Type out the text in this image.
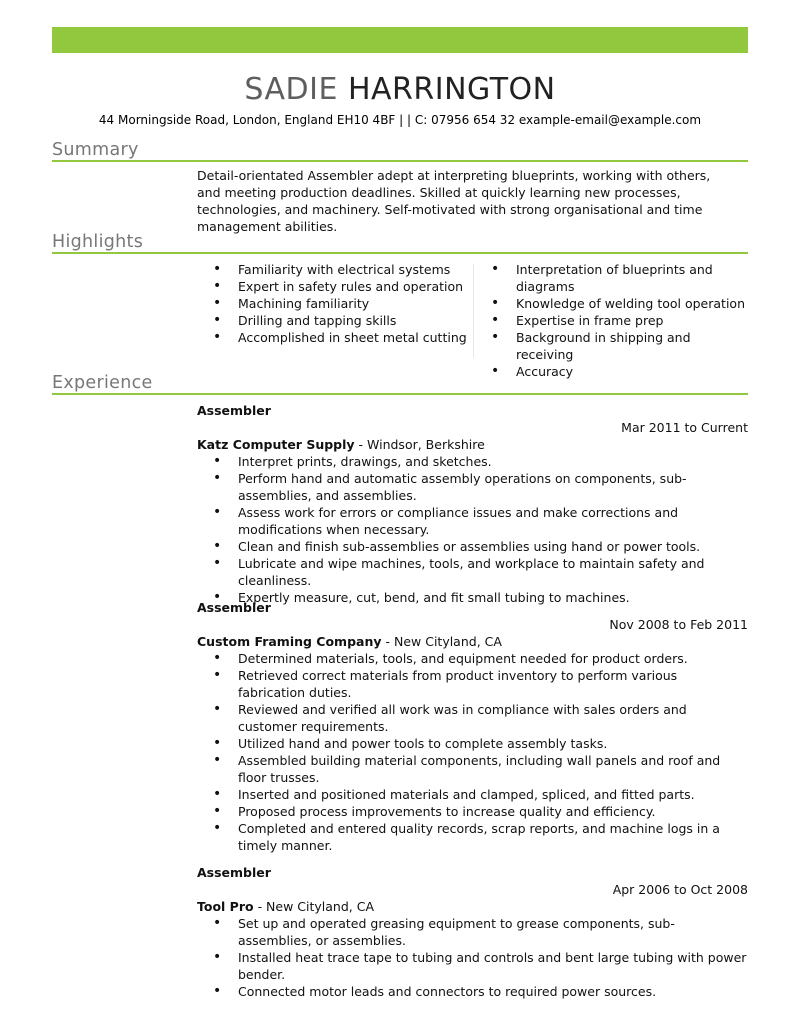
SADIE HARRINGTON
44 Morningside Road, London, England EH10 4BF | | C: 07956 654 32 example-email@example.com
Summary
Detail-orientated Assembler adept at interpreting blueprints, working with others, and meeting production deadlines. Skilled at quickly learning new processes, technologies, and machinery. Self-motivated with strong organisational and time management abilities.
Highlights
• Familiarity with electrical systems
• Expert in safety rules and operation
• Machining familiarity
• Drilling and tapping skills
• Accomplished in sheet metal cutting
• Interpretation of blueprints and diagrams
• Knowledge of welding tool operation
• Expertise in frame prep
• Background in shipping and receiving
• Accuracy
Experience
Assembler
Mar 2011 to Current
Katz Computer Supply - Windsor, Berkshire
• Interpret prints, drawings, and sketches.
• Perform hand and automatic assembly operations on components, sub-assemblies, and assemblies.
• Assess work for errors or compliance issues and make corrections and modifications when necessary.
• Clean and finish sub-assemblies or assemblies using hand or power tools.
• Lubricate and wipe machines, tools, and workplace to maintain safety and cleanliness.
• Expertly measure, cut, bend, and fit small tubing to machines.
Assembler
Nov 2008 to Feb 2011
Custom Framing Company - New Cityland, CA
• Determined materials, tools, and equipment needed for product orders.
• Retrieved correct materials from product inventory to perform various fabrication duties.
• Reviewed and verified all work was in compliance with sales orders and customer requirements.
• Utilized hand and power tools to complete assembly tasks.
• Assembled building material components, including wall panels and roof and floor trusses.
• Inserted and positioned materials and clamped, spliced, and fitted parts.
• Proposed process improvements to increase quality and efficiency.
• Completed and entered quality records, scrap reports, and machine logs in a timely manner.
Assembler
Apr 2006 to Oct 2008
Tool Pro - New Cityland, CA
• Set up and operated greasing equipment to grease components, sub-assemblies, or assemblies.
• Installed heat trace tape to tubing and controls and bent large tubing with power bender.
• Connected motor leads and connectors to required power sources.
